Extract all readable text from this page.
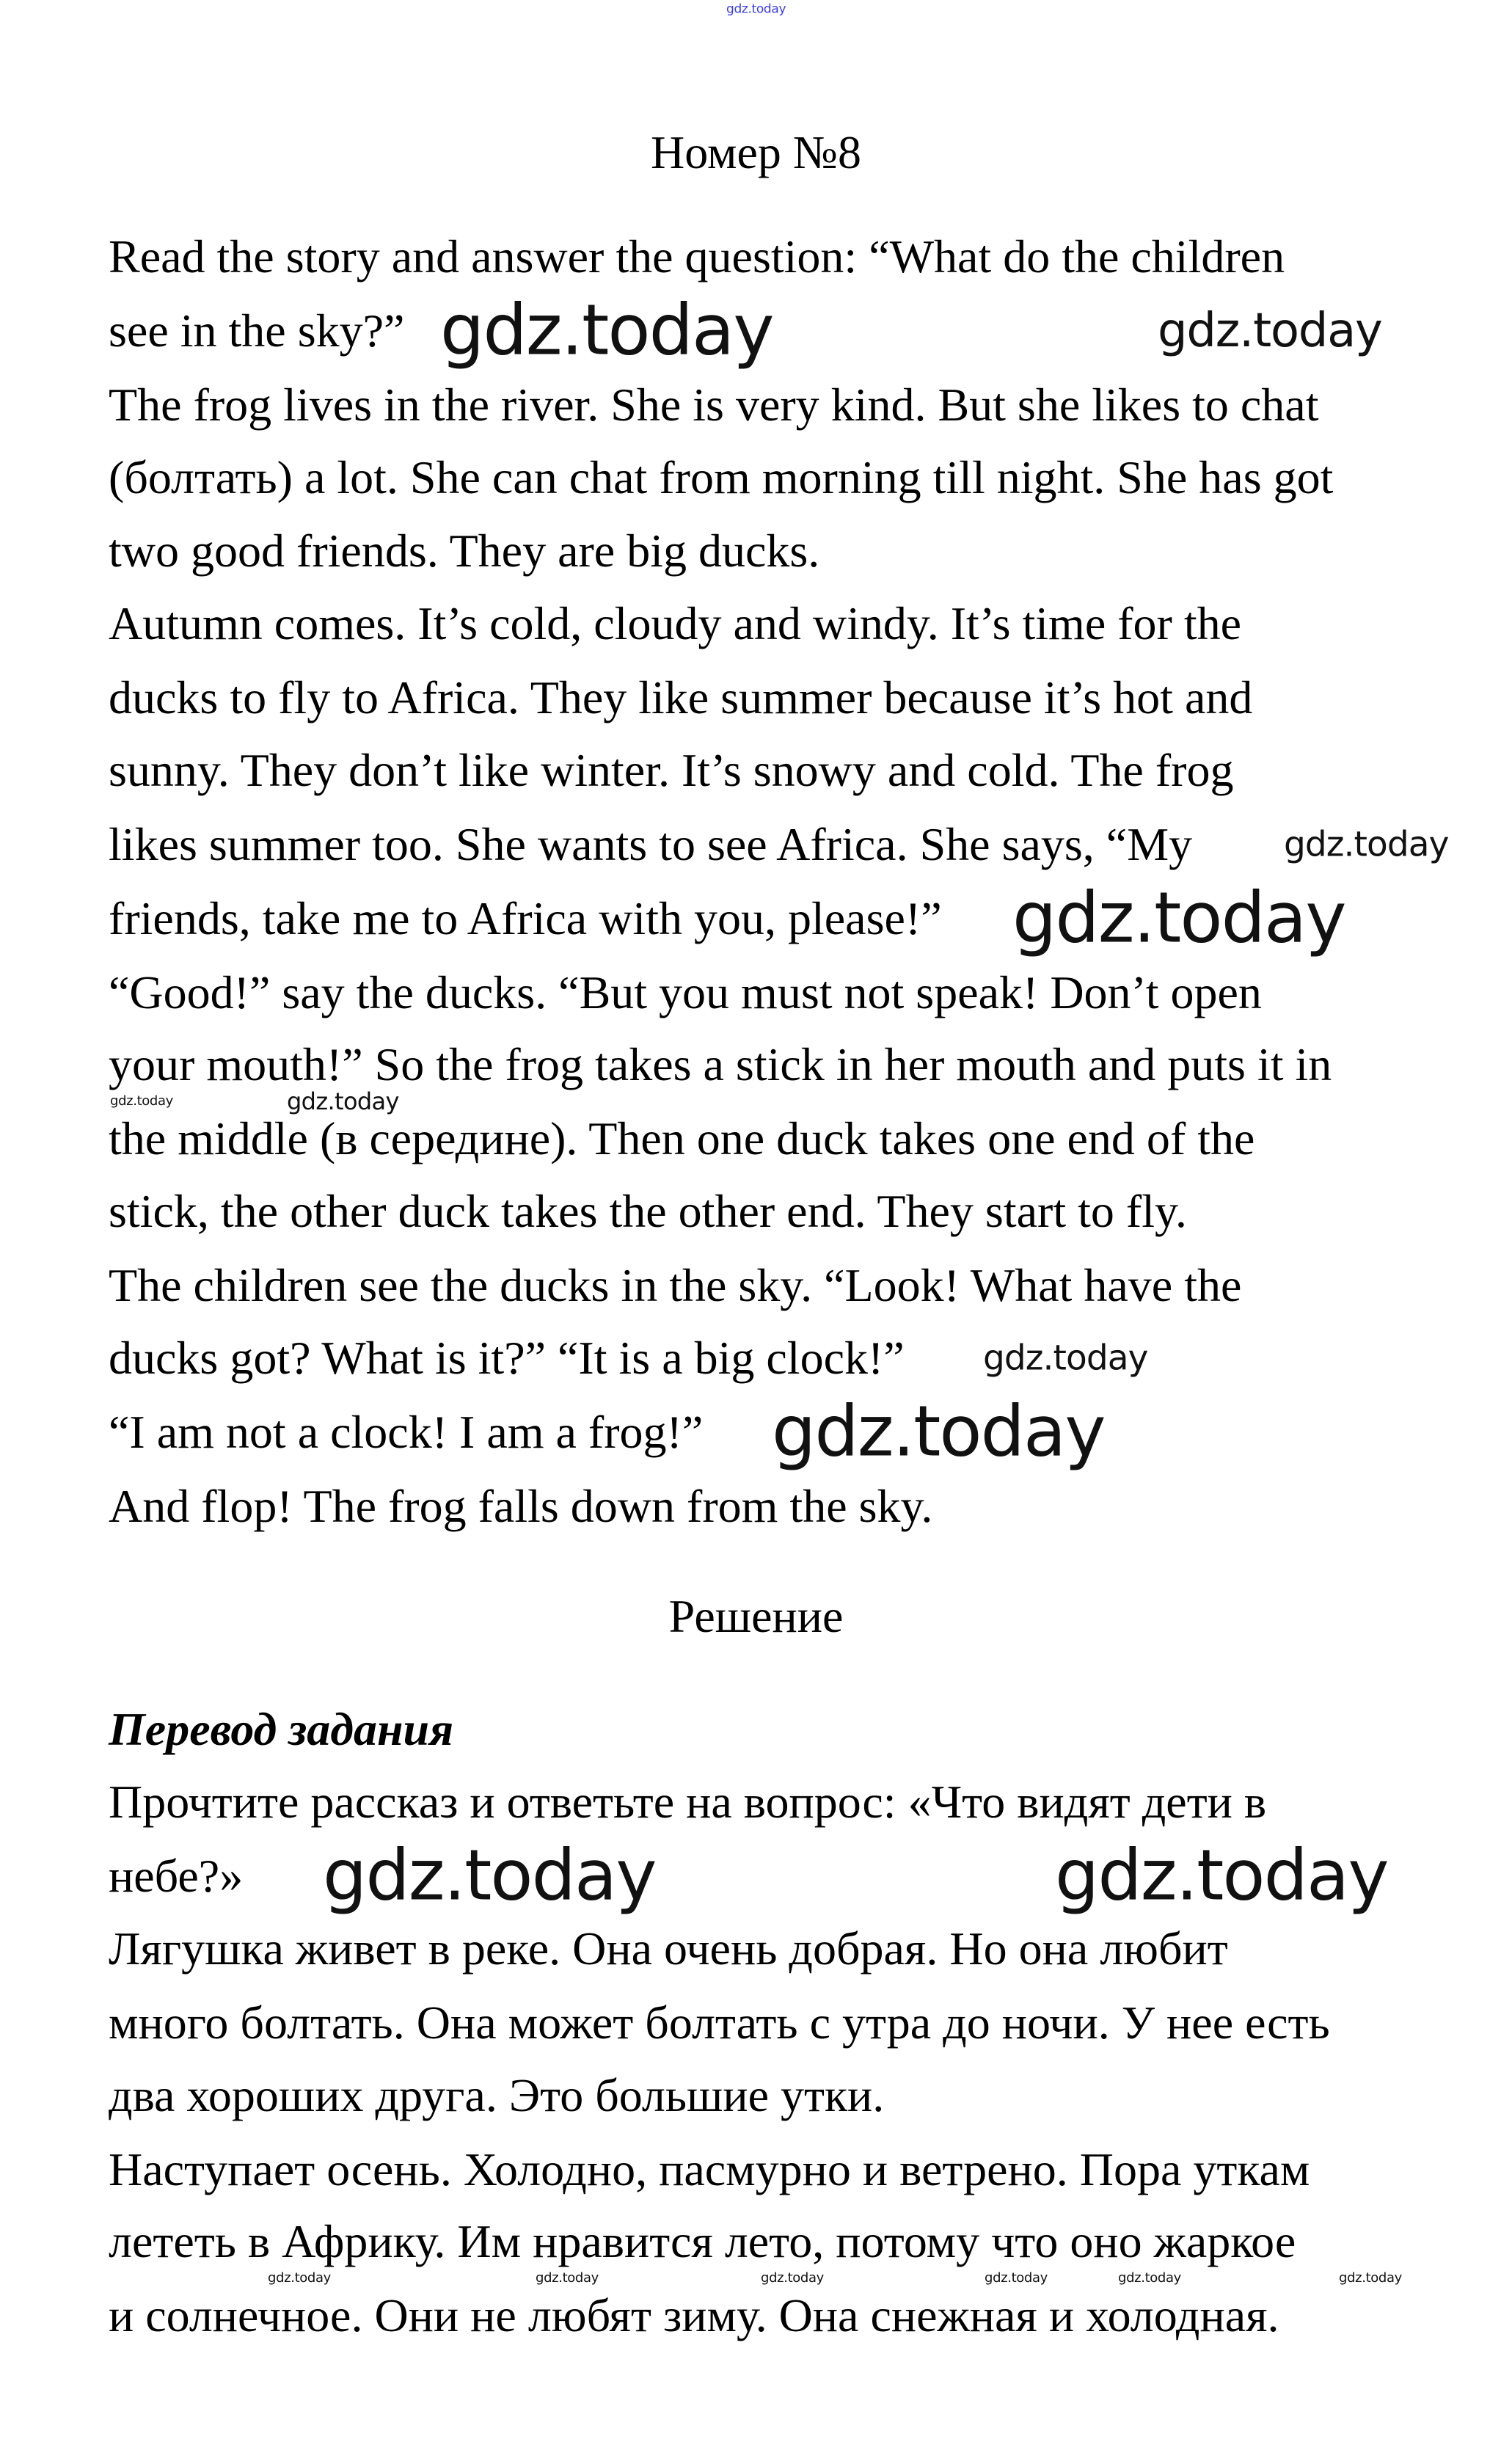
gdz.today
Номер №8
Read the story and answer the question: “What do the children
see in the sky?”
The frog lives in the river. She is very kind. But she likes to chat
(болтать) a lot. She can chat from morning till night. She has got
two good friends. They are big ducks.
Autumn comes. It’s cold, cloudy and windy. It’s time for the
ducks to fly to Africa. They like summer because it’s hot and
sunny. They don’t like winter. It’s snowy and cold. The frog
likes summer too. She wants to see Africa. She says, “My
friends, take me to Africa with you, please!”
“Good!” say the ducks. “But you must not speak! Don’t open
your mouth!” So the frog takes a stick in her mouth and puts it in
the middle (в середине). Then one duck takes one end of the
stick, the other duck takes the other end. They start to fly.
The children see the ducks in the sky. “Look! What have the
ducks got? What is it?” “It is a big clock!”
“I am not a clock! I am a frog!”
And flop! The frog falls down from the sky.
Решение
Перевод задания
Прочтите рассказ и ответьте на вопрос: «Что видят дети в
небе?»
Лягушка живет в реке. Она очень добрая. Но она любит
много болтать. Она может болтать с утра до ночи. У нее есть
два хороших друга. Это большие утки.
Наступает осень. Холодно, пасмурно и ветрено. Пора уткам
лететь в Африку. Им нравится лето, потому что оно жаркое
и солнечное. Они не любят зиму. Она снежная и холодная.
gdz.today	gdz.today
gdz.today
gdz.today
gdz.today	gdz.today
gdz.today
gdz.today
gdz.today	gdz.today
gdz.today	gdz.today	gdz.today	gdz.today	gdz.today	gdz.today
